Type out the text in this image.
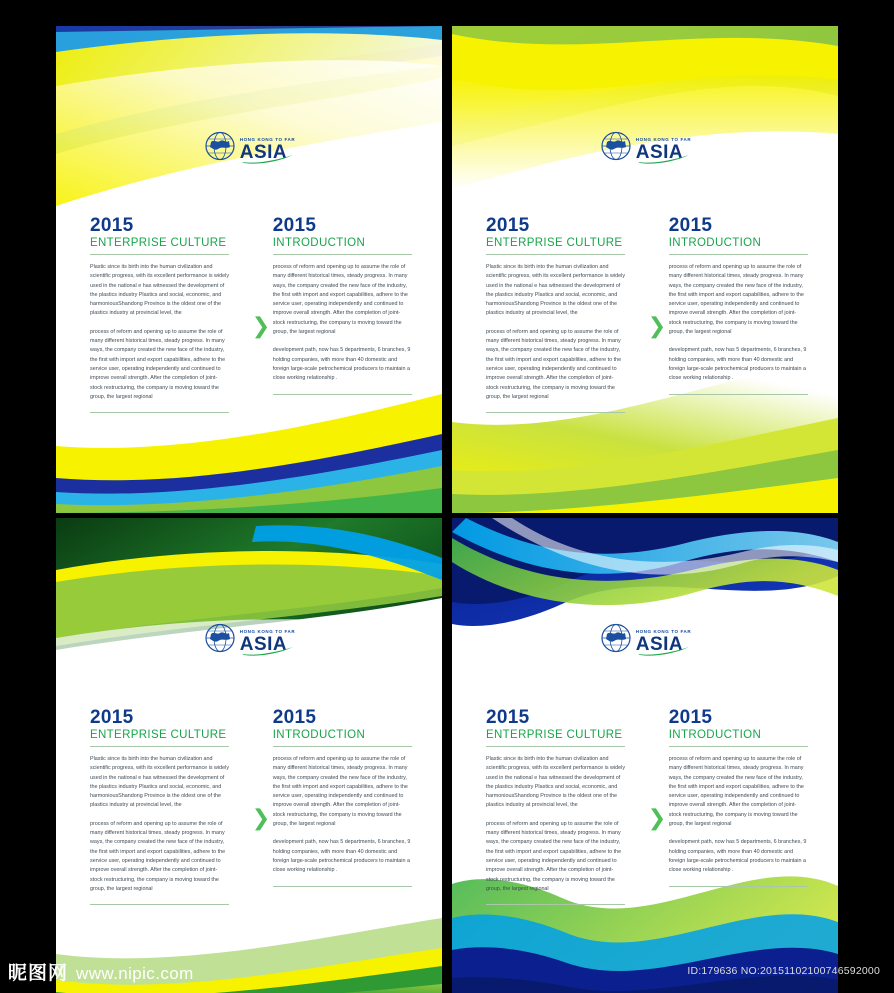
HONG KONG TO FAR
ASIA
2015
ENTERPRISE CULTURE
Plastic since its birth into the human civilization and scientific progress, with its excellent performance is widely used in the national e has witnessed the development of the plastics industry Plastics and social, economic, and harmoniousShandong Province is the oldest one of the plastics industry at provincial level, the
process of reform and opening up to assume the role of many different historical times, steady progress. In many ways, the company created the new face of the industry, the first with import and export capabilities, adhere to the service user, operating independently and continued to improve overall strength. After the completion of joint-stock restructuring, the company is moving toward the group, the largest regional
❯
2015
INTRODUCTION
process of reform and opening up to assume the role of many different historical times, steady progress. In many ways, the company created the new face of the industry, the first with import and export capabilities, adhere to the service user, operating independently and continued to improve overall strength. After the completion of joint-stock restructuring, the company is moving toward the group, the largest regional
development path, now has 5 departments, 6 branches, 9 holding companies, with more than 40 domestic and foreign large-scale petrochemical producers to maintain a close working relationship .
HONG KONG TO FAR
ASIA
2015
ENTERPRISE CULTURE
Plastic since its birth into the human civilization and scientific progress, with its excellent performance is widely used in the national e has witnessed the development of the plastics industry Plastics and social, economic, and harmoniousShandong Province is the oldest one of the plastics industry at provincial level, the
process of reform and opening up to assume the role of many different historical times, steady progress. In many ways, the company created the new face of the industry, the first with import and export capabilities, adhere to the service user, operating independently and continued to improve overall strength. After the completion of joint-stock restructuring, the company is moving toward the group, the largest regional
❯
2015
INTRODUCTION
process of reform and opening up to assume the role of many different historical times, steady progress. In many ways, the company created the new face of the industry, the first with import and export capabilities, adhere to the service user, operating independently and continued to improve overall strength. After the completion of joint-stock restructuring, the company is moving toward the group, the largest regional
development path, now has 5 departments, 6 branches, 9 holding companies, with more than 40 domestic and foreign large-scale petrochemical producers to maintain a close working relationship .
HONG KONG TO FAR
ASIA
2015
ENTERPRISE CULTURE
Plastic since its birth into the human civilization and scientific progress, with its excellent performance is widely used in the national e has witnessed the development of the plastics industry Plastics and social, economic, and harmoniousShandong Province is the oldest one of the plastics industry at provincial level, the
process of reform and opening up to assume the role of many different historical times, steady progress. In many ways, the company created the new face of the industry, the first with import and export capabilities, adhere to the service user, operating independently and continued to improve overall strength. After the completion of joint-stock restructuring, the company is moving toward the group, the largest regional
❯
2015
INTRODUCTION
process of reform and opening up to assume the role of many different historical times, steady progress. In many ways, the company created the new face of the industry, the first with import and export capabilities, adhere to the service user, operating independently and continued to improve overall strength. After the completion of joint-stock restructuring, the company is moving toward the group, the largest regional
development path, now has 5 departments, 6 branches, 9 holding companies, with more than 40 domestic and foreign large-scale petrochemical producers to maintain a close working relationship .
HONG KONG TO FAR
ASIA
2015
ENTERPRISE CULTURE
Plastic since its birth into the human civilization and scientific progress, with its excellent performance is widely used in the national e has witnessed the development of the plastics industry Plastics and social, economic, and harmoniousShandong Province is the oldest one of the plastics industry at provincial level, the
process of reform and opening up to assume the role of many different historical times, steady progress. In many ways, the company created the new face of the industry, the first with import and export capabilities, adhere to the service user, operating independently and continued to improve overall strength. After the completion of joint-stock restructuring, the company is moving toward the group, the largest regional
❯
2015
INTRODUCTION
process of reform and opening up to assume the role of many different historical times, steady progress. In many ways, the company created the new face of the industry, the first with import and export capabilities, adhere to the service user, operating independently and continued to improve overall strength. After the completion of joint-stock restructuring, the company is moving toward the group, the largest regional
development path, now has 5 departments, 6 branches, 9 holding companies, with more than 40 domestic and foreign large-scale petrochemical producers to maintain a close working relationship .
昵图网 www.nipic.com	ID:179636 NO:20151102100746592000
